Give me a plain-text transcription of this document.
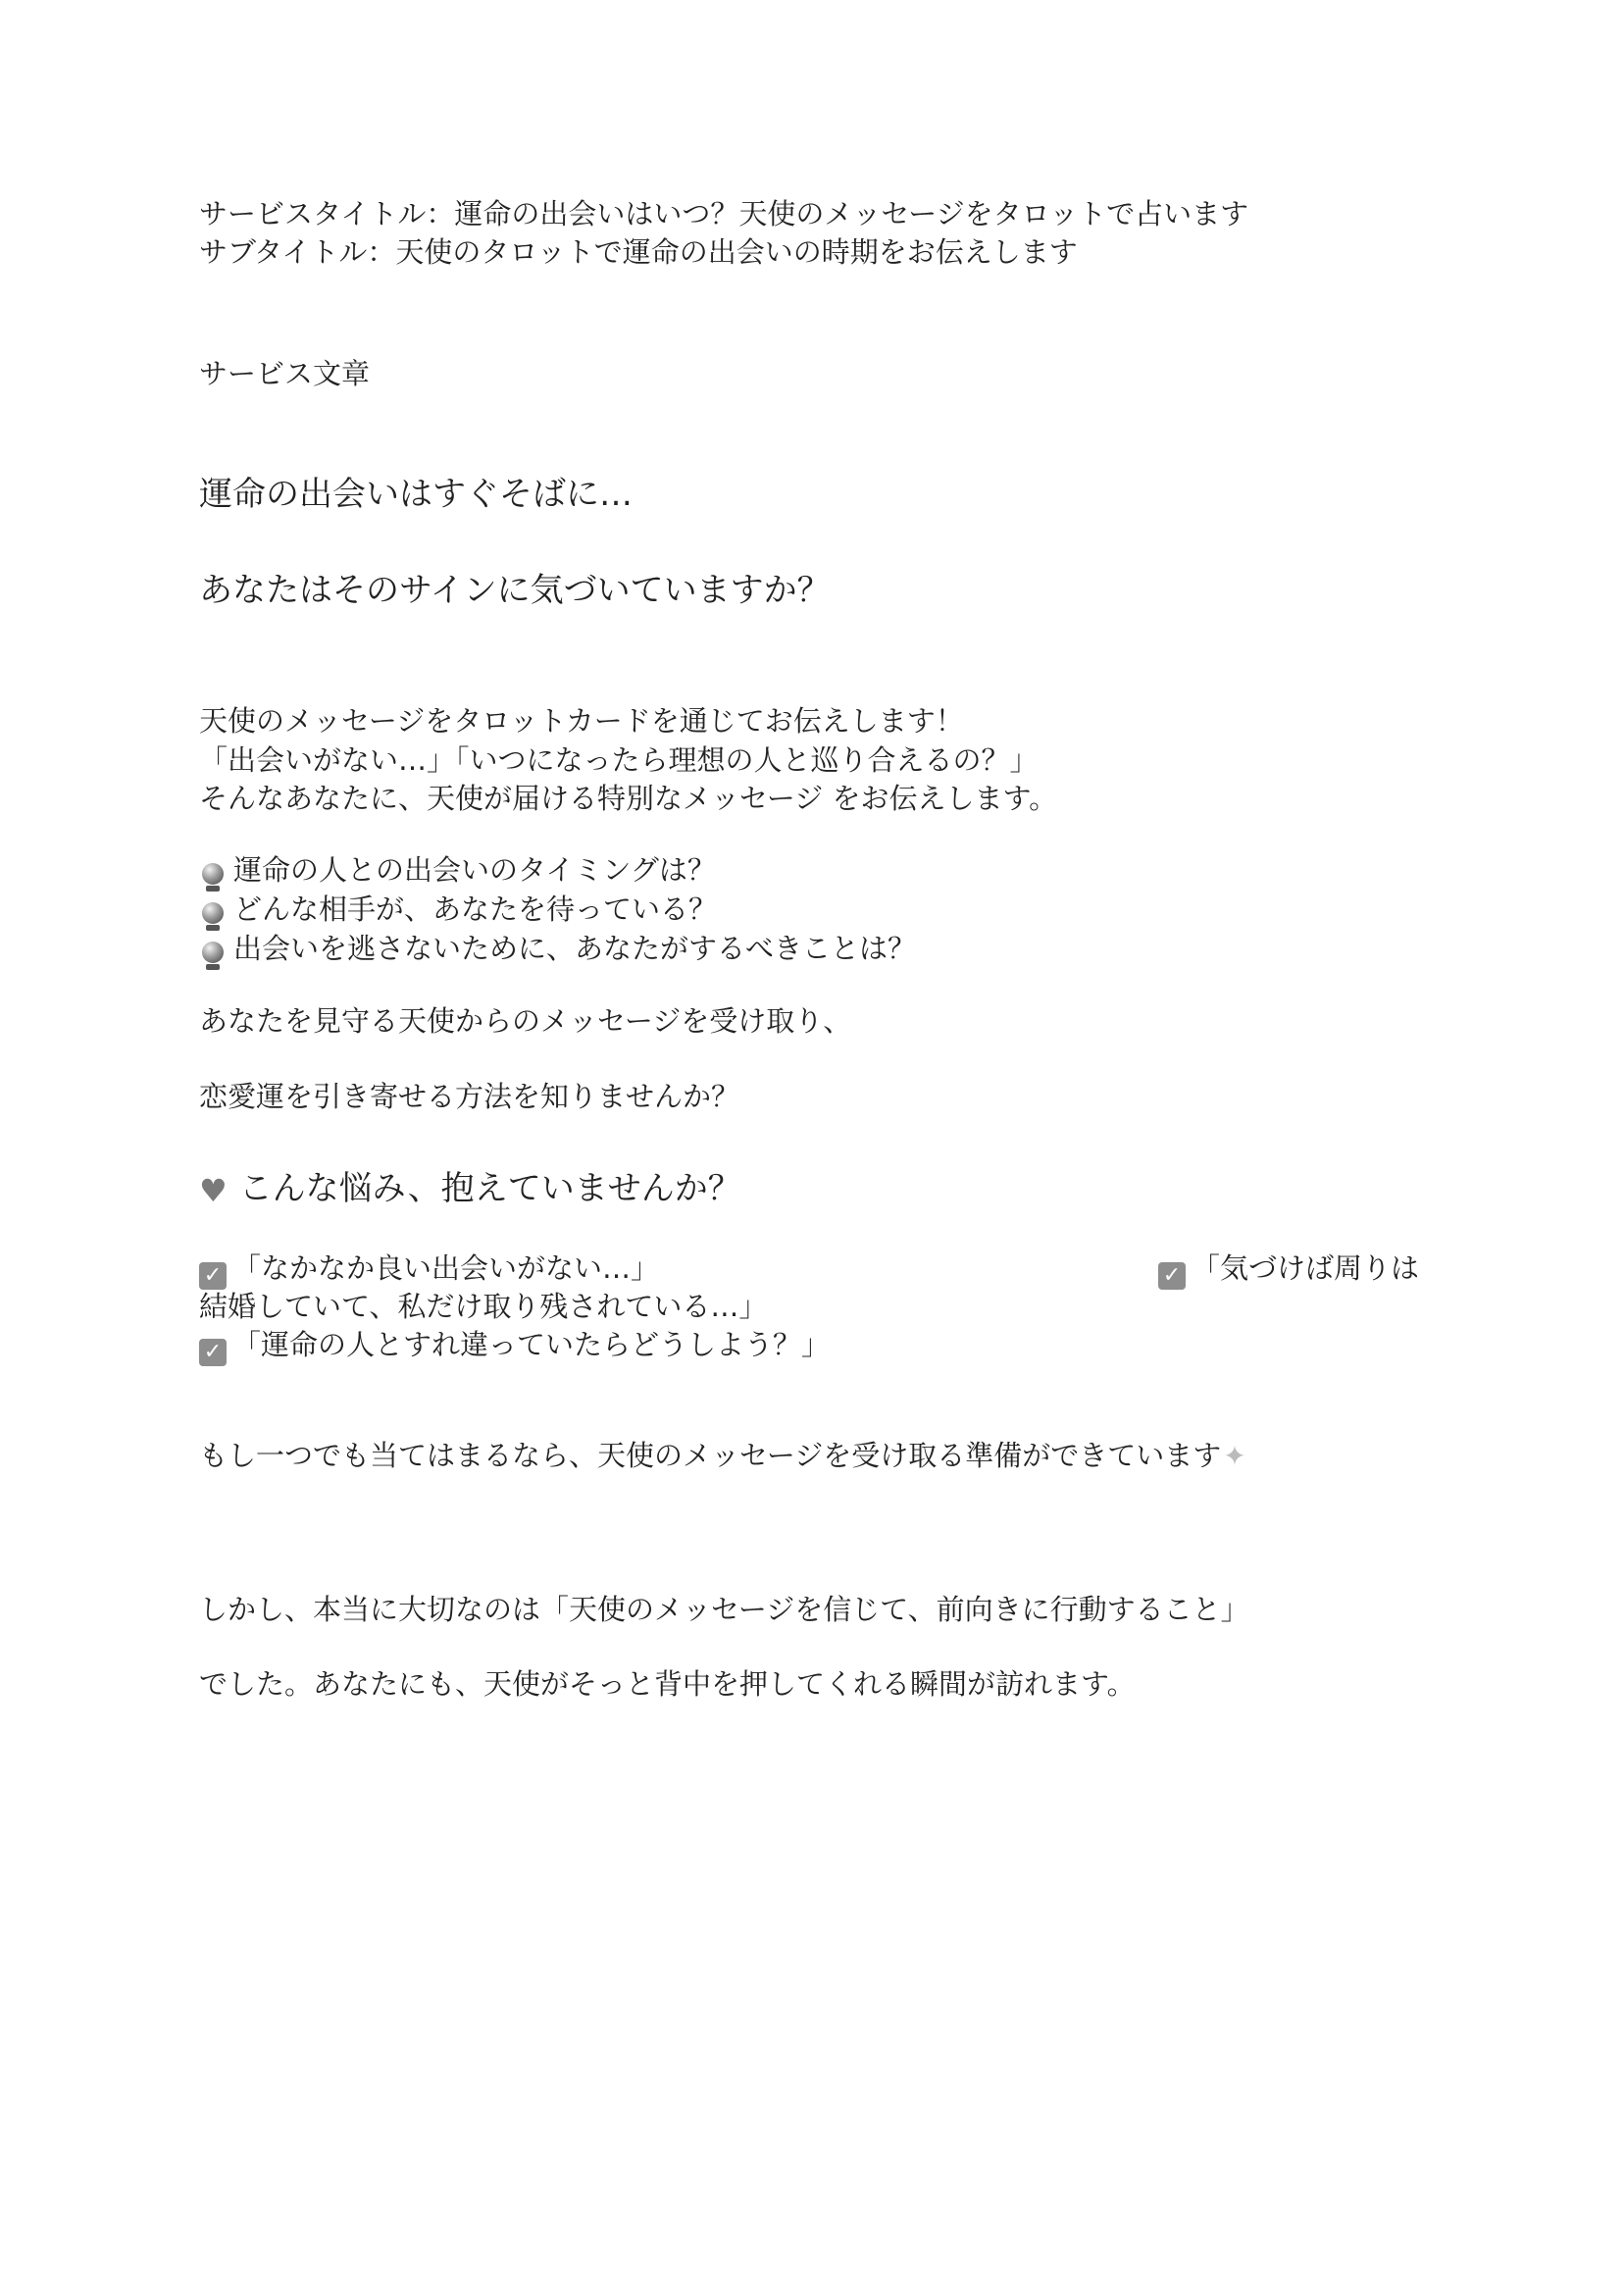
サービスタイトル：運命の出会いはいつ？天使のメッセージをタロットで占います
サブタイトル：天使のタロットで運命の出会いの時期をお伝えします
サービス文章
運命の出会いはすぐそばに…
あなたはそのサインに気づいていますか？
天使のメッセージをタロットカードを通じてお伝えします！
「出会いがない…」「いつになったら理想の人と巡り合えるの？」
そんなあなたに、天使が届ける特別なメッセージ をお伝えします。
運命の人との出会いのタイミングは？
どんな相手が、あなたを待っている？
出会いを逃さないために、あなたがするべきことは？
あなたを見守る天使からのメッセージを受け取り、
恋愛運を引き寄せる方法を知りませんか？
♥ こんな悩み、抱えていませんか？
✓ 「なかなか良い出会いがない…」	✓ 「気づけば周りは
結婚していて、私だけ取り残されている…」
✓ 「運命の人とすれ違っていたらどうしよう？」
もし一つでも当てはまるなら、天使のメッセージを受け取る準備ができています✦
しかし、本当に大切なのは「天使のメッセージを信じて、前向きに行動すること」
でした。あなたにも、天使がそっと背中を押してくれる瞬間が訪れます。
